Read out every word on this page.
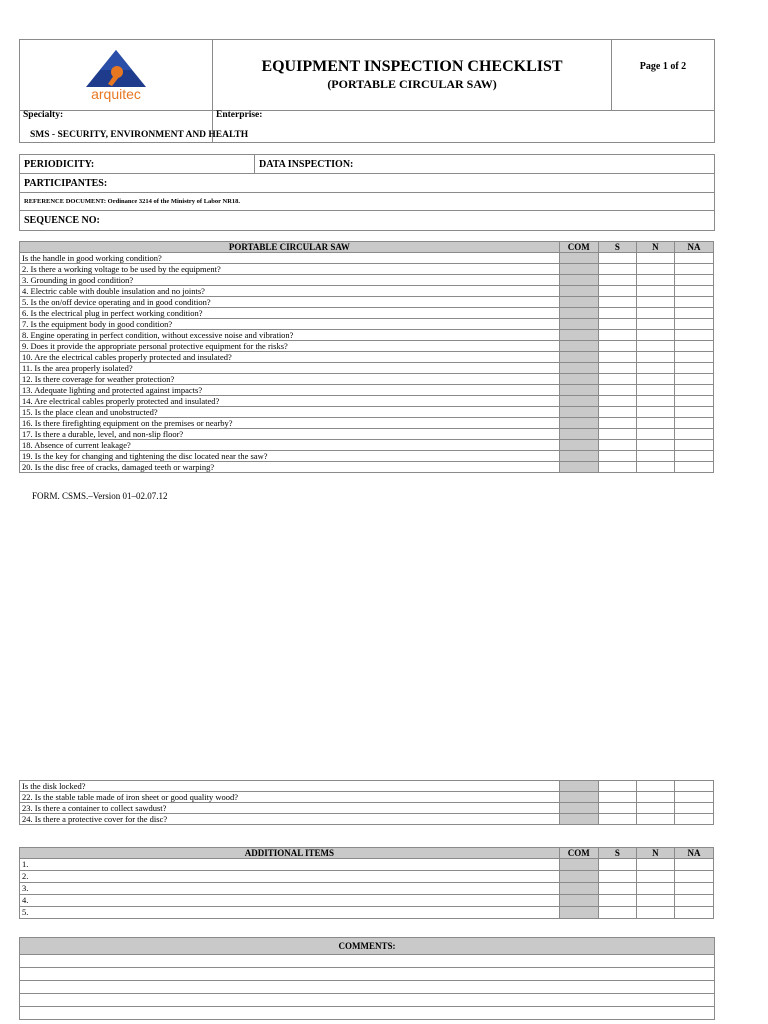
arquitec
EQUIPMENT INSPECTION CHECKLIST
(PORTABLE CIRCULAR SAW)
Page 1 of 2
Specialty:	Enterprise:
SMS - SECURITY, ENVIRONMENT AND HEALTH
PERIODICITY:	DATA INSPECTION:
PARTICIPANTES:
REFERENCE DOCUMENT: Ordinance 3214 of the Ministry of Labor NR18.
SEQUENCE NO:
PORTABLE CIRCULAR SAW	COM	S	N	NA
Is the handle in good working condition?				
2. Is there a working voltage to be used by the equipment?				
3. Grounding in good condition?				
4. Electric cable with double insulation and no joints?				
5. Is the on/off device operating and in good condition?				
6. Is the electrical plug in perfect working condition?				
7. Is the equipment body in good condition?				
8. Engine operating in perfect condition, without excessive noise and vibration?				
9. Does it provide the appropriate personal protective equipment for the risks?				
10. Are the electrical cables properly protected and insulated?				
11. Is the area properly isolated?				
12. Is there coverage for weather protection?				
13. Adequate lighting and protected against impacts?				
14. Are electrical cables properly protected and insulated?				
15. Is the place clean and unobstructed?				
16. Is there firefighting equipment on the premises or nearby?				
17. Is there a durable, level, and non-slip floor?				
18. Absence of current leakage?				
19. Is the key for changing and tightening the disc located near the saw?				
20. Is the disc free of cracks, damaged teeth or warping?				
FORM. CSMS.–Version 01–02.07.12
Is the disk locked?				
22. Is the stable table made of iron sheet or good quality wood?				
23. Is there a container to collect sawdust?				
24. Is there a protective cover for the disc?				
ADDITIONAL ITEMS	COM	S	N	NA
1.				
2.				
3.				
4.				
5.				
COMMENTS:
